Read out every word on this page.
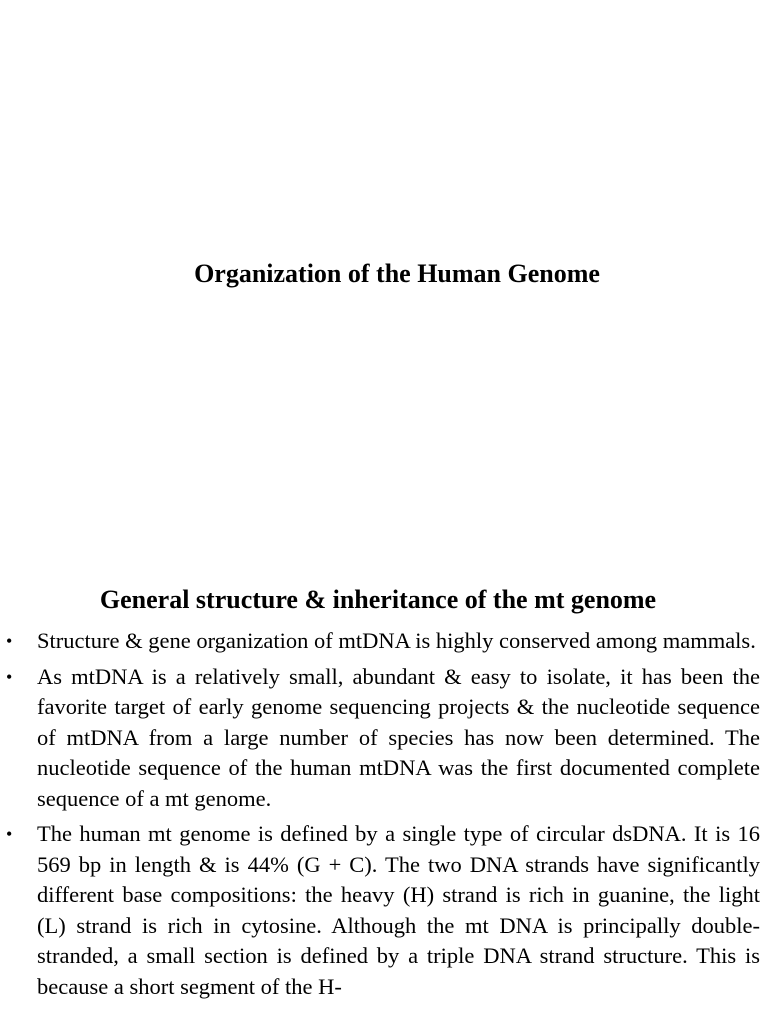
Organization of the Human Genome
General structure & inheritance of the mt genome
• Structure & gene organization of mtDNA is highly conserved among mammals.
• As mtDNA is a relatively small, abundant & easy to isolate, it has been the favorite target of early genome sequencing projects & the nucleotide sequence of mtDNA from a large number of species has now been determined. The nucleotide sequence of the human mtDNA was the first documented complete sequence of a mt genome.
• The human mt genome is defined by a single type of circular dsDNA. It is 16 569 bp in length & is 44% (G + C). The two DNA strands have significantly different base compositions: the heavy (H) strand is rich in guanine, the light (L) strand is rich in cytosine. Although the mt DNA is principally double-stranded, a small section is defined by a triple DNA strand structure. This is because a short segment of the H-
